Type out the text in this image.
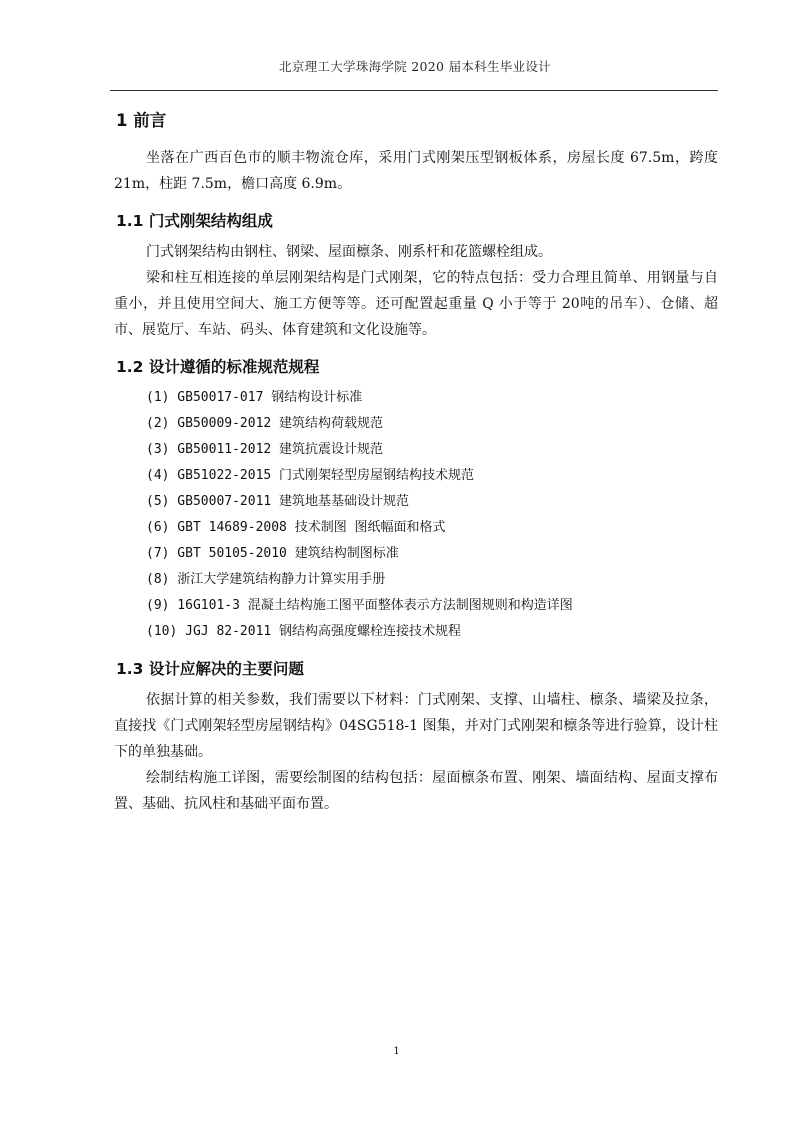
北京理工大学珠海学院 2020 届本科生毕业设计
1 前言

坐落在广西百色市的顺丰物流仓库，采用门式刚架压型钢板体系，房屋长度 67.5m，跨度 21m，柱距 7.5m，檐口高度 6.9m。

1.1 门式刚架结构组成

门式钢架结构由钢柱、钢梁、屋面檩条、刚系杆和花篮螺栓组成。

梁和柱互相连接的单层刚架结构是门式刚架，它的特点包括：受力合理且简单、用钢量与自重小，并且使用空间大、施工方便等等。还可配置起重量 Q 小于等于 20吨的吊车）、仓储、超市、展览厅、车站、码头、体育建筑和文化设施等。

1.2 设计遵循的标准规范规程
(1) GB50017-017 钢结构设计标准
(2) GB50009-2012 建筑结构荷载规范
(3) GB50011-2012 建筑抗震设计规范
(4) GB51022-2015 门式刚架轻型房屋钢结构技术规范
(5) GB50007-2011 建筑地基基础设计规范
(6) GBT 14689-2008 技术制图 图纸幅面和格式
(7) GBT 50105-2010 建筑结构制图标准
(8) 浙江大学建筑结构静力计算实用手册
(9) 16G101-3 混凝土结构施工图平面整体表示方法制图规则和构造详图
(10) JGJ 82-2011 钢结构高强度螺栓连接技术规程
1.3 设计应解决的主要问题

依据计算的相关参数，我们需要以下材料：门式刚架、支撑、山墙柱、檩条、墙梁及拉条，直接找《门式刚架轻型房屋钢结构》04SG518-1 图集，并对门式刚架和檩条等进行验算，设计柱下的单独基础。

绘制结构施工详图，需要绘制图的结构包括：屋面檩条布置、刚架、墙面结构、屋面支撑布置、基础、抗风柱和基础平面布置。

1
